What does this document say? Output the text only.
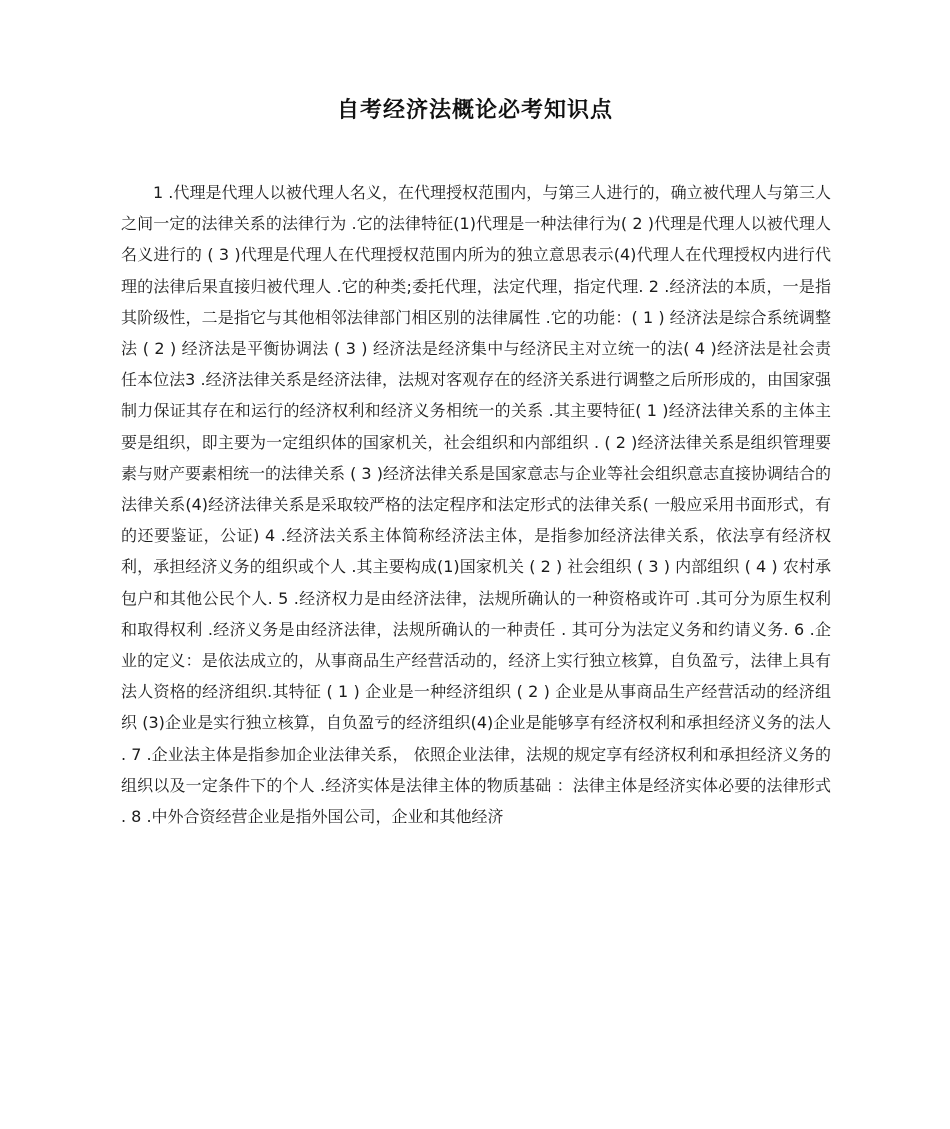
自考经济法概论必考知识点

1 .代理是代理人以被代理人名义，在代理授权范围内，与第三人进行的，确立被代理人与第三人之间一定的法律关系的法律行为 .它的法律特征(1)代理是一种法律行为( 2 )代理是代理人以被代理人名义进行的 ( 3 )代理是代理人在代理授权范围内所为的独立意思表示(4)代理人在代理授权内进行代理的法律后果直接归被代理人 .它的种类;委托代理，法定代理，指定代理. 2 .经济法的本质，一是指其阶级性，二是指它与其他相邻法律部门相区别的法律属性 .它的功能：( 1 ) 经济法是综合系统调整法 ( 2 ) 经济法是平衡协调法 ( 3 ) 经济法是经济集中与经济民主对立统一的法( 4 )经济法是社会责任本位法3 .经济法律关系是经济法律，法规对客观存在的经济关系进行调整之后所形成的，由国家强制力保证其存在和运行的经济权利和经济义务相统一的关系 .其主要特征( 1 )经济法律关系的主体主要是组织，即主要为一定组织体的国家机关，社会组织和内部组织 . ( 2 )经济法律关系是组织管理要素与财产要素相统一的法律关系 ( 3 )经济法律关系是国家意志与企业等社会组织意志直接协调结合的法律关系(4)经济法律关系是采取较严格的法定程序和法定形式的法律关系( 一般应采用书面形式，有的还要鉴证，公证) 4 .经济法关系主体简称经济法主体，是指参加经济法律关系，依法享有经济权利，承担经济义务的组织或个人 .其主要构成(1)国家机关 ( 2 ) 社会组织 ( 3 ) 内部组织 ( 4 ) 农村承包户和其他公民个人. 5 .经济权力是由经济法律，法规所确认的一种资格或许可 .其可分为原生权利和取得权利 .经济义务是由经济法律，法规所确认的一种责任 . 其可分为法定义务和约请义务. 6 .企业的定义：是依法成立的，从事商品生产经营活动的，经济上实行独立核算，自负盈亏，法律上具有法人资格的经济组织.其特征 ( 1 ) 企业是一种经济组织 ( 2 ) 企业是从事商品生产经营活动的经济组织 (3)企业是实行独立核算，自负盈亏的经济组织(4)企业是能够享有经济权利和承担经济义务的法人 . 7 .企业法主体是指参加企业法律关系， 依照企业法律，法规的规定享有经济权利和承担经济义务的组织以及一定条件下的个人 .经济实体是法律主体的物质基础 ：法律主体是经济实体必要的法律形式 . 8 .中外合资经营企业是指外国公司，企业和其他经济
